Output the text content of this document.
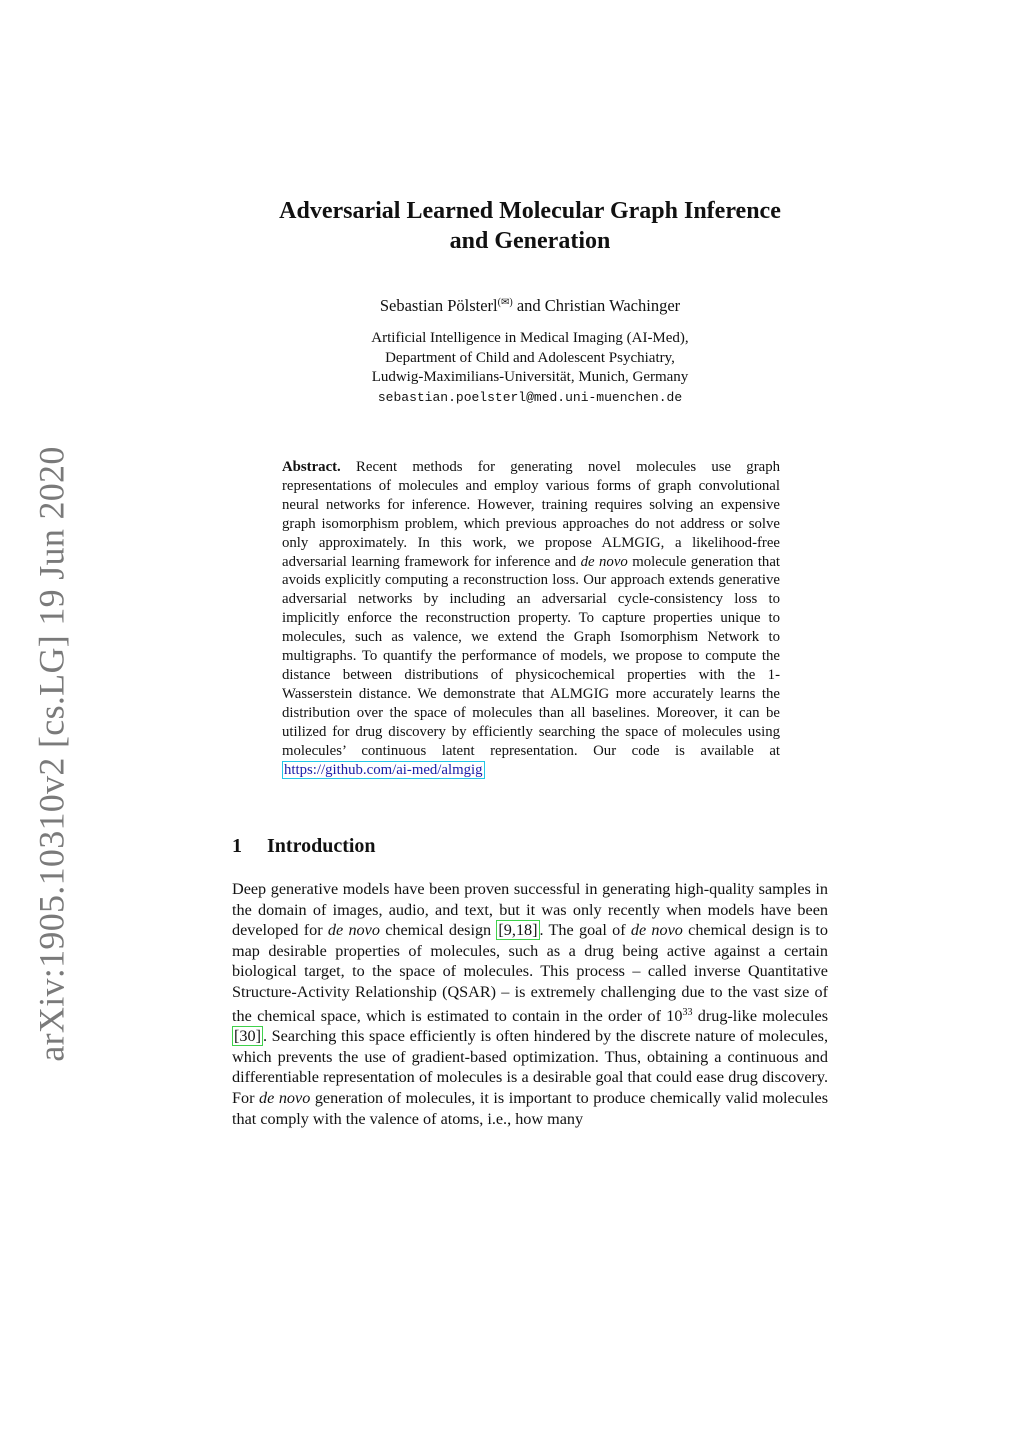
arXiv:1905.10310v2 [cs.LG] 19 Jun 2020
Adversarial Learned Molecular Graph Inference
and Generation
Sebastian Pölsterl(✉) and Christian Wachinger
Artificial Intelligence in Medical Imaging (AI-Med),
Department of Child and Adolescent Psychiatry,
Ludwig-Maximilians-Universität, Munich, Germany
sebastian.poelsterl@med.uni-muenchen.de
Abstract. Recent methods for generating novel molecules use graph representations of molecules and employ various forms of graph convolutional neural networks for inference. However, training requires solving an expensive graph isomorphism problem, which previous approaches do not address or solve only approximately. In this work, we propose ALMGIG, a likelihood-free adversarial learning framework for inference and de novo molecule generation that avoids explicitly computing a reconstruction loss. Our approach extends generative adversarial networks by including an adversarial cycle-consistency loss to implicitly enforce the reconstruction property. To capture properties unique to molecules, such as valence, we extend the Graph Isomorphism Network to multigraphs. To quantify the performance of models, we propose to compute the distance between distributions of physicochemical properties with the 1-Wasserstein distance. We demonstrate that ALMGIG more accurately learns the distribution over the space of molecules than all baselines. Moreover, it can be utilized for drug discovery by efficiently searching the space of molecules using molecules’ continuous latent representation. Our code is available at https://github.com/ai-med/almgig
1 Introduction
Deep generative models have been proven successful in generating high-quality samples in the domain of images, audio, and text, but it was only recently when models have been developed for de novo chemical design [9,18] . The goal of de novo chemical design is to map desirable properties of molecules, such as a drug being active against a certain biological target, to the space of molecules. This process – called inverse Quantitative Structure-Activity Relationship (QSAR) – is extremely challenging due to the vast size of the chemical space, which is estimated to contain in the order of $10^{33}$ drug-like molecules [30] . Searching this space efficiently is often hindered by the discrete nature of molecules, which prevents the use of gradient-based optimization. Thus, obtaining a continuous and differentiable representation of molecules is a desirable goal that could ease drug discovery. For de novo generation of molecules, it is important to produce chemically valid molecules that comply with the valence of atoms, i.e., how many
